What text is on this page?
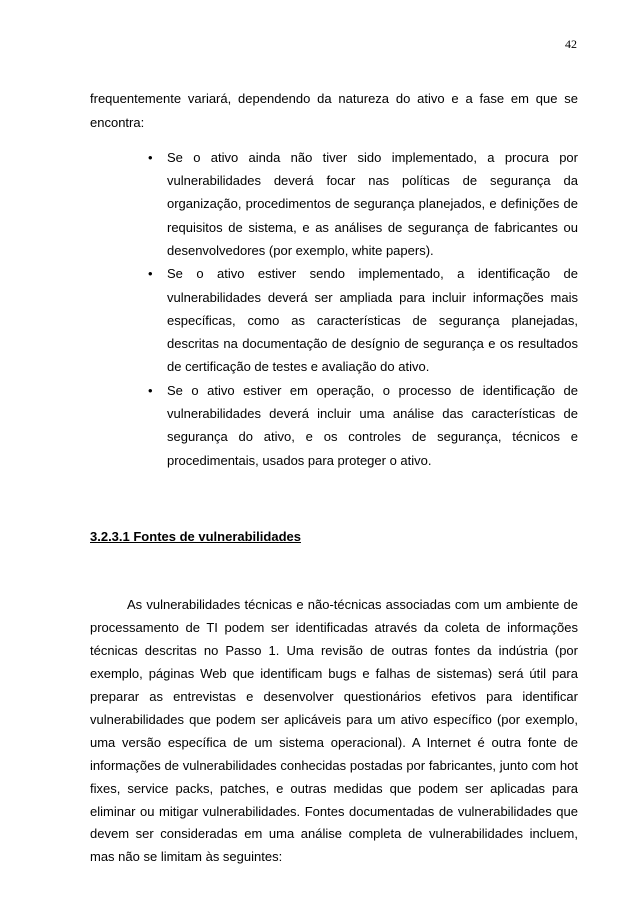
42

frequentemente variará, dependendo da natureza do ativo e a fase em que se encontra:

• Se o ativo ainda não tiver sido implementado, a procura por vulnerabilidades deverá focar nas políticas de segurança da organização, procedimentos de segurança planejados, e definições de requisitos de sistema, e as análises de segurança de fabricantes ou desenvolvedores (por exemplo, white papers).
• Se o ativo estiver sendo implementado, a identificação de vulnerabilidades deverá ser ampliada para incluir informações mais específicas, como as características de segurança planejadas, descritas na documentação de desígnio de segurança e os resultados de certificação de testes e avaliação do ativo.
• Se o ativo estiver em operação, o processo de identificação de vulnerabilidades deverá incluir uma análise das características de segurança do ativo, e os controles de segurança, técnicos e procedimentais, usados para proteger o ativo.

3.2.3.1 Fontes de vulnerabilidades

As vulnerabilidades técnicas e não-técnicas associadas com um ambiente de processamento de TI podem ser identificadas através da coleta de informações técnicas descritas no Passo 1. Uma revisão de outras fontes da indústria (por exemplo, páginas Web que identificam bugs e falhas de sistemas) será útil para preparar as entrevistas e desenvolver questionários efetivos para identificar vulnerabilidades que podem ser aplicáveis para um ativo específico (por exemplo, uma versão específica de um sistema operacional). A Internet é outra fonte de informações de vulnerabilidades conhecidas postadas por fabricantes, junto com hot fixes, service packs, patches, e outras medidas que podem ser aplicadas para eliminar ou mitigar vulnerabilidades. Fontes documentadas de vulnerabilidades que devem ser consideradas em uma análise completa de vulnerabilidades incluem, mas não se limitam às seguintes:
